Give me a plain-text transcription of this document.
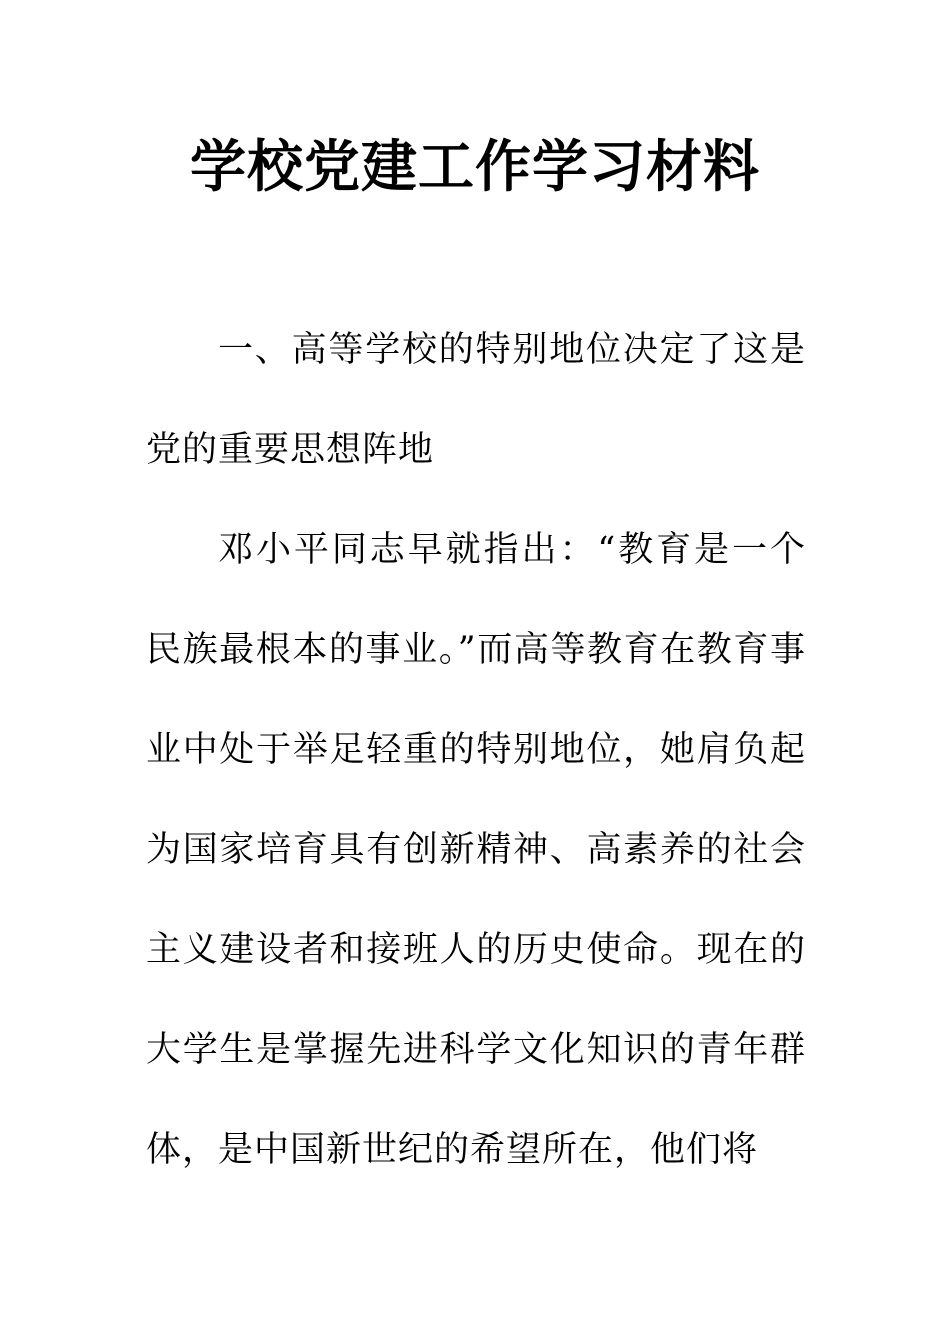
学校党建工作学习材料

一、高等学校的特别地位决定了这是党的重要思想阵地

邓小平同志早就指出：“教育是一个民族最根本的事业。”而高等教育在教育事业中处于举足轻重的特别地位，她肩负起为国家培育具有创新精神、高素养的社会主义建设者和接班人的历史使命。现在的大学生是掌握先进科学文化知识的青年群体，是中国新世纪的希望所在，他们将
